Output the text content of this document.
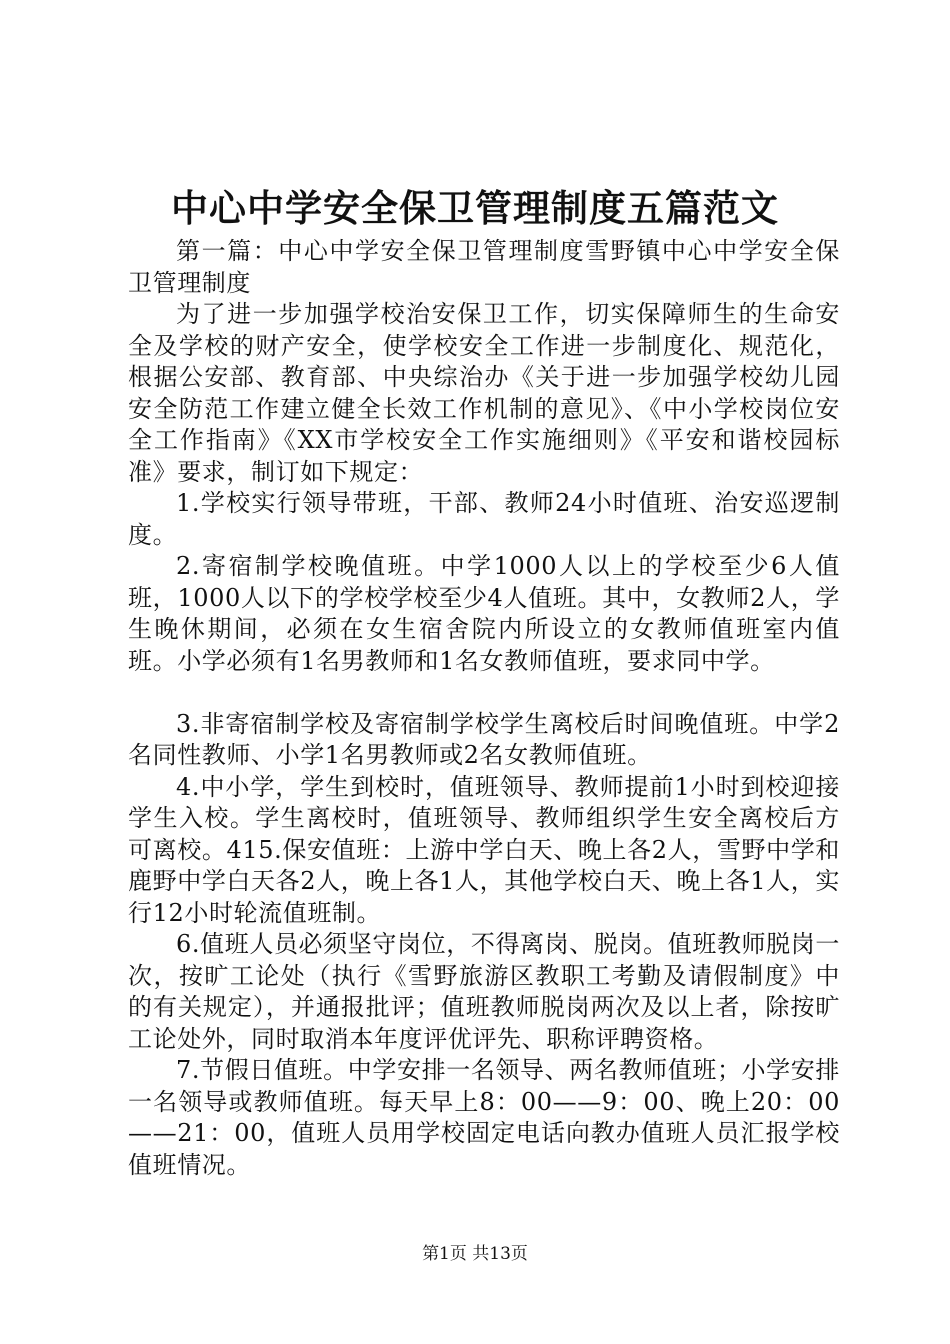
中心中学安全保卫管理制度五篇范文

第一篇：中心中学安全保卫管理制度雪野镇中心中学安全保卫管理制度

为了进一步加强学校治安保卫工作，切实保障师生的生命安全及学校的财产安全，使学校安全工作进一步制度化、规范化，根据公安部、教育部、中央综治办《关于进一步加强学校幼儿园安全防范工作建立健全长效工作机制的意见》、《中小学校岗位安全工作指南》《XX市学校安全工作实施细则》《平安和谐校园标准》要求，制订如下规定：

1.学校实行领导带班，干部、教师24小时值班、治安巡逻制度。

2.寄宿制学校晚值班。中学1000人以上的学校至少6人值班，1000人以下的学校学校至少4人值班。其中，女教师2人，学生晚休期间，必须在女生宿舍院内所设立的女教师值班室内值班。小学必须有1名男教师和1名女教师值班，要求同中学。

3.非寄宿制学校及寄宿制学校学生离校后时间晚值班。中学2名同性教师、小学1名男教师或2名女教师值班。

4.中小学，学生到校时，值班领导、教师提前1小时到校迎接学生入校。学生离校时，值班领导、教师组织学生安全离校后方可离校。415.保安值班：上游中学白天、晚上各2人，雪野中学和鹿野中学白天各2人，晚上各1人，其他学校白天、晚上各1人，实行12小时轮流值班制。

6.值班人员必须坚守岗位，不得离岗、脱岗。值班教师脱岗一次，按旷工论处（执行《雪野旅游区教职工考勤及请假制度》中的有关规定），并通报批评；值班教师脱岗两次及以上者，除按旷工论处外，同时取消本年度评优评先、职称评聘资格。

7.节假日值班。中学安排一名领导、两名教师值班；小学安排一名领导或教师值班。每天早上8：00——9：00、晚上20：00——21：00，值班人员用学校固定电话向教办值班人员汇报学校值班情况。

第1页 共13页
